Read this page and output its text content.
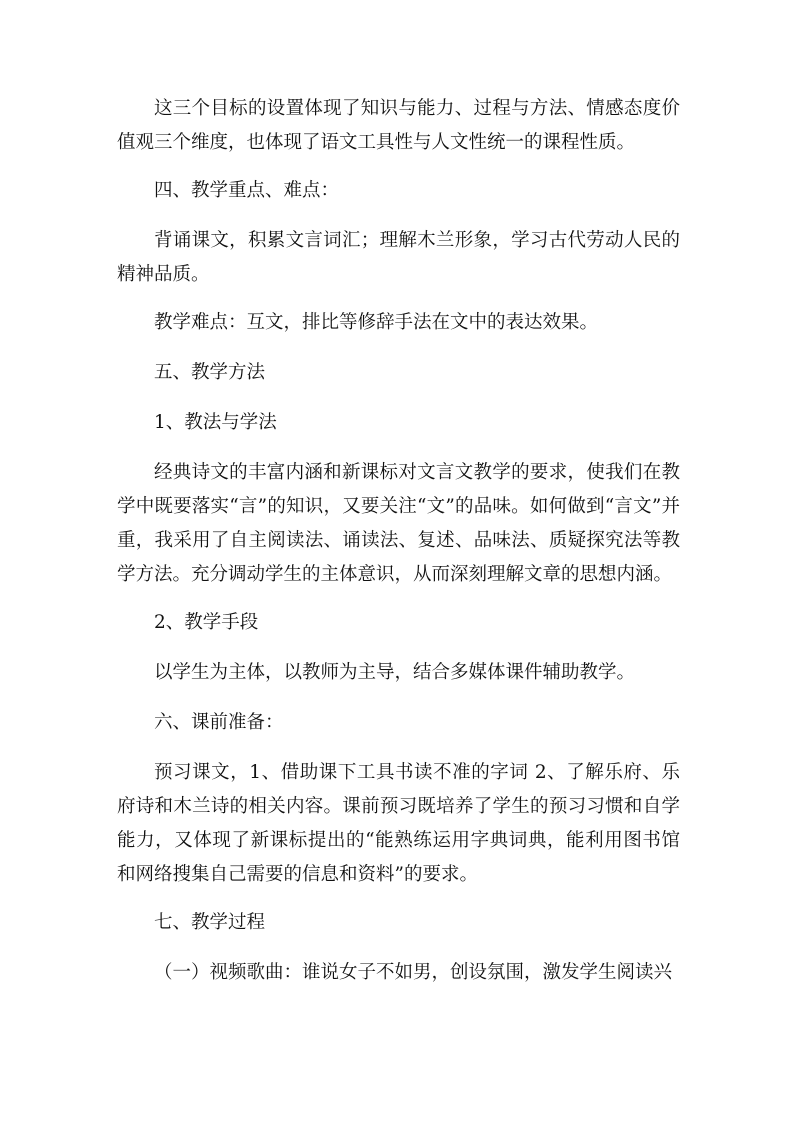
这三个目标的设置体现了知识与能力、过程与方法、情感态度价值观三个维度，也体现了语文工具性与人文性统一的课程性质。

四、教学重点、难点：

背诵课文，积累文言词汇；理解木兰形象，学习古代劳动人民的精神品质。

教学难点：互文，排比等修辞手法在文中的表达效果。

五、教学方法

1、教法与学法

经典诗文的丰富内涵和新课标对文言文教学的要求，使我们在教学中既要落实“言”的知识，又要关注“文”的品味。如何做到“言文”并重，我采用了自主阅读法、诵读法、复述、品味法、质疑探究法等教学方法。充分调动学生的主体意识，从而深刻理解文章的思想内涵。

2、教学手段

以学生为主体，以教师为主导，结合多媒体课件辅助教学。

六、课前准备：

预习课文，1、借助课下工具书读不准的字词 2、了解乐府、乐府诗和木兰诗的相关内容。课前预习既培养了学生的预习习惯和自学能力，又体现了新课标提出的“能熟练运用字典词典，能利用图书馆和网络搜集自己需要的信息和资料”的要求。

七、教学过程

（一）视频歌曲：谁说女子不如男，创设氛围，激发学生阅读兴
